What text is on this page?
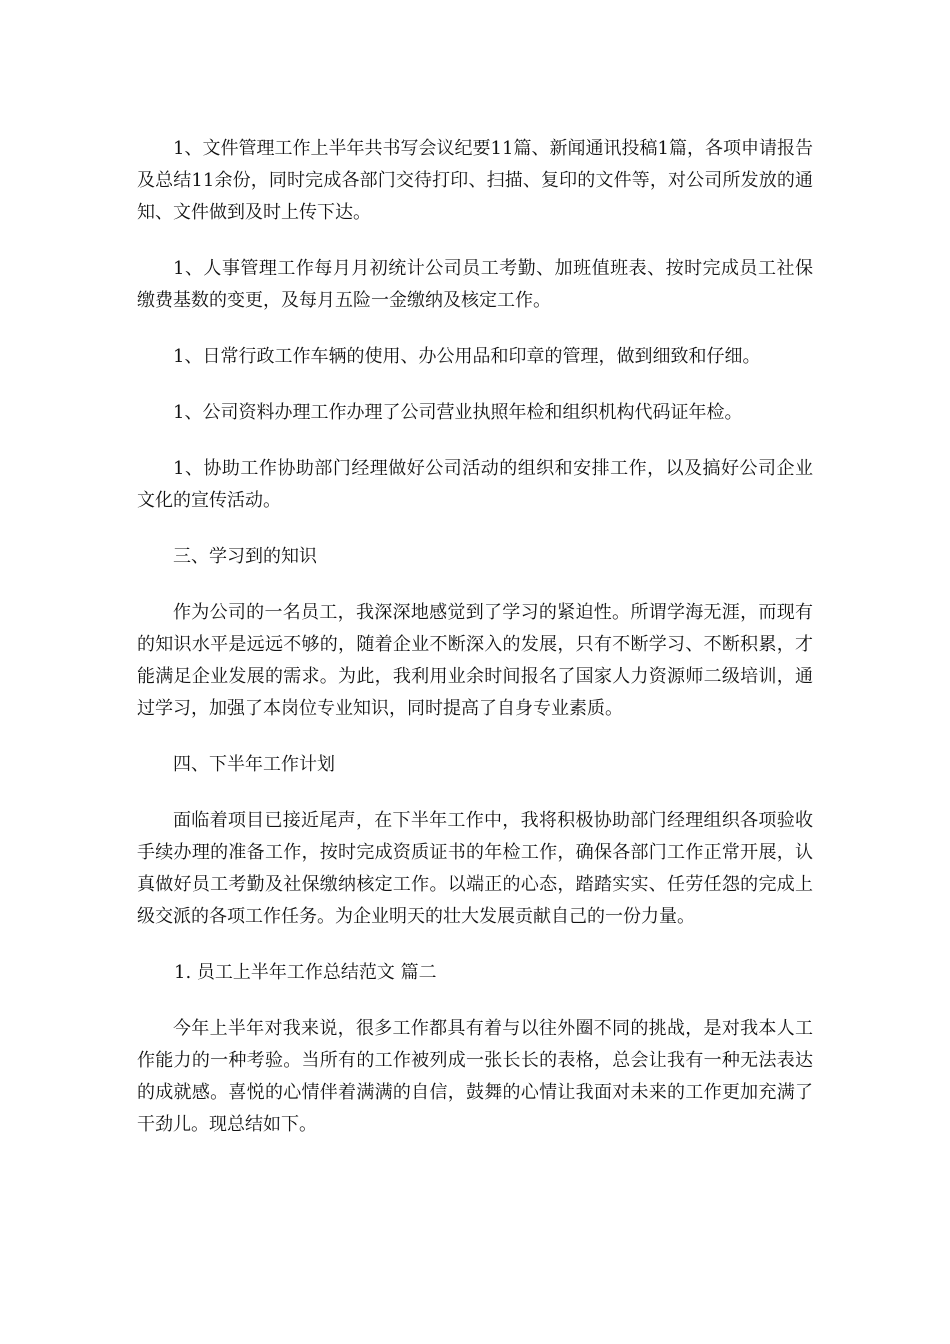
1、文件管理工作上半年共书写会议纪要11篇、新闻通讯投稿1篇，各项申请报告及总结11余份，同时完成各部门交待打印、扫描、复印的文件等，对公司所发放的通知、文件做到及时上传下达。

1、人事管理工作每月月初统计公司员工考勤、加班值班表、按时完成员工社保缴费基数的变更，及每月五险一金缴纳及核定工作。

1、日常行政工作车辆的使用、办公用品和印章的管理，做到细致和仔细。

1、公司资料办理工作办理了公司营业执照年检和组织机构代码证年检。

1、协助工作协助部门经理做好公司活动的组织和安排工作，以及搞好公司企业文化的宣传活动。

三、学习到的知识

作为公司的一名员工，我深深地感觉到了学习的紧迫性。所谓学海无涯，而现有的知识水平是远远不够的，随着企业不断深入的发展，只有不断学习、不断积累，才能满足企业发展的需求。为此，我利用业余时间报名了国家人力资源师二级培训，通过学习，加强了本岗位专业知识，同时提高了自身专业素质。

四、下半年工作计划

面临着项目已接近尾声，在下半年工作中，我将积极协助部门经理组织各项验收手续办理的准备工作，按时完成资质证书的年检工作，确保各部门工作正常开展，认真做好员工考勤及社保缴纳核定工作。以端正的心态，踏踏实实、任劳任怨的完成上级交派的各项工作任务。为企业明天的壮大发展贡献自己的一份力量。

1. 员工上半年工作总结范文 篇二

今年上半年对我来说，很多工作都具有着与以往外圈不同的挑战，是对我本人工作能力的一种考验。当所有的工作被列成一张长长的表格，总会让我有一种无法表达的成就感。喜悦的心情伴着满满的自信，鼓舞的心情让我面对未来的工作更加充满了干劲儿。现总结如下。
